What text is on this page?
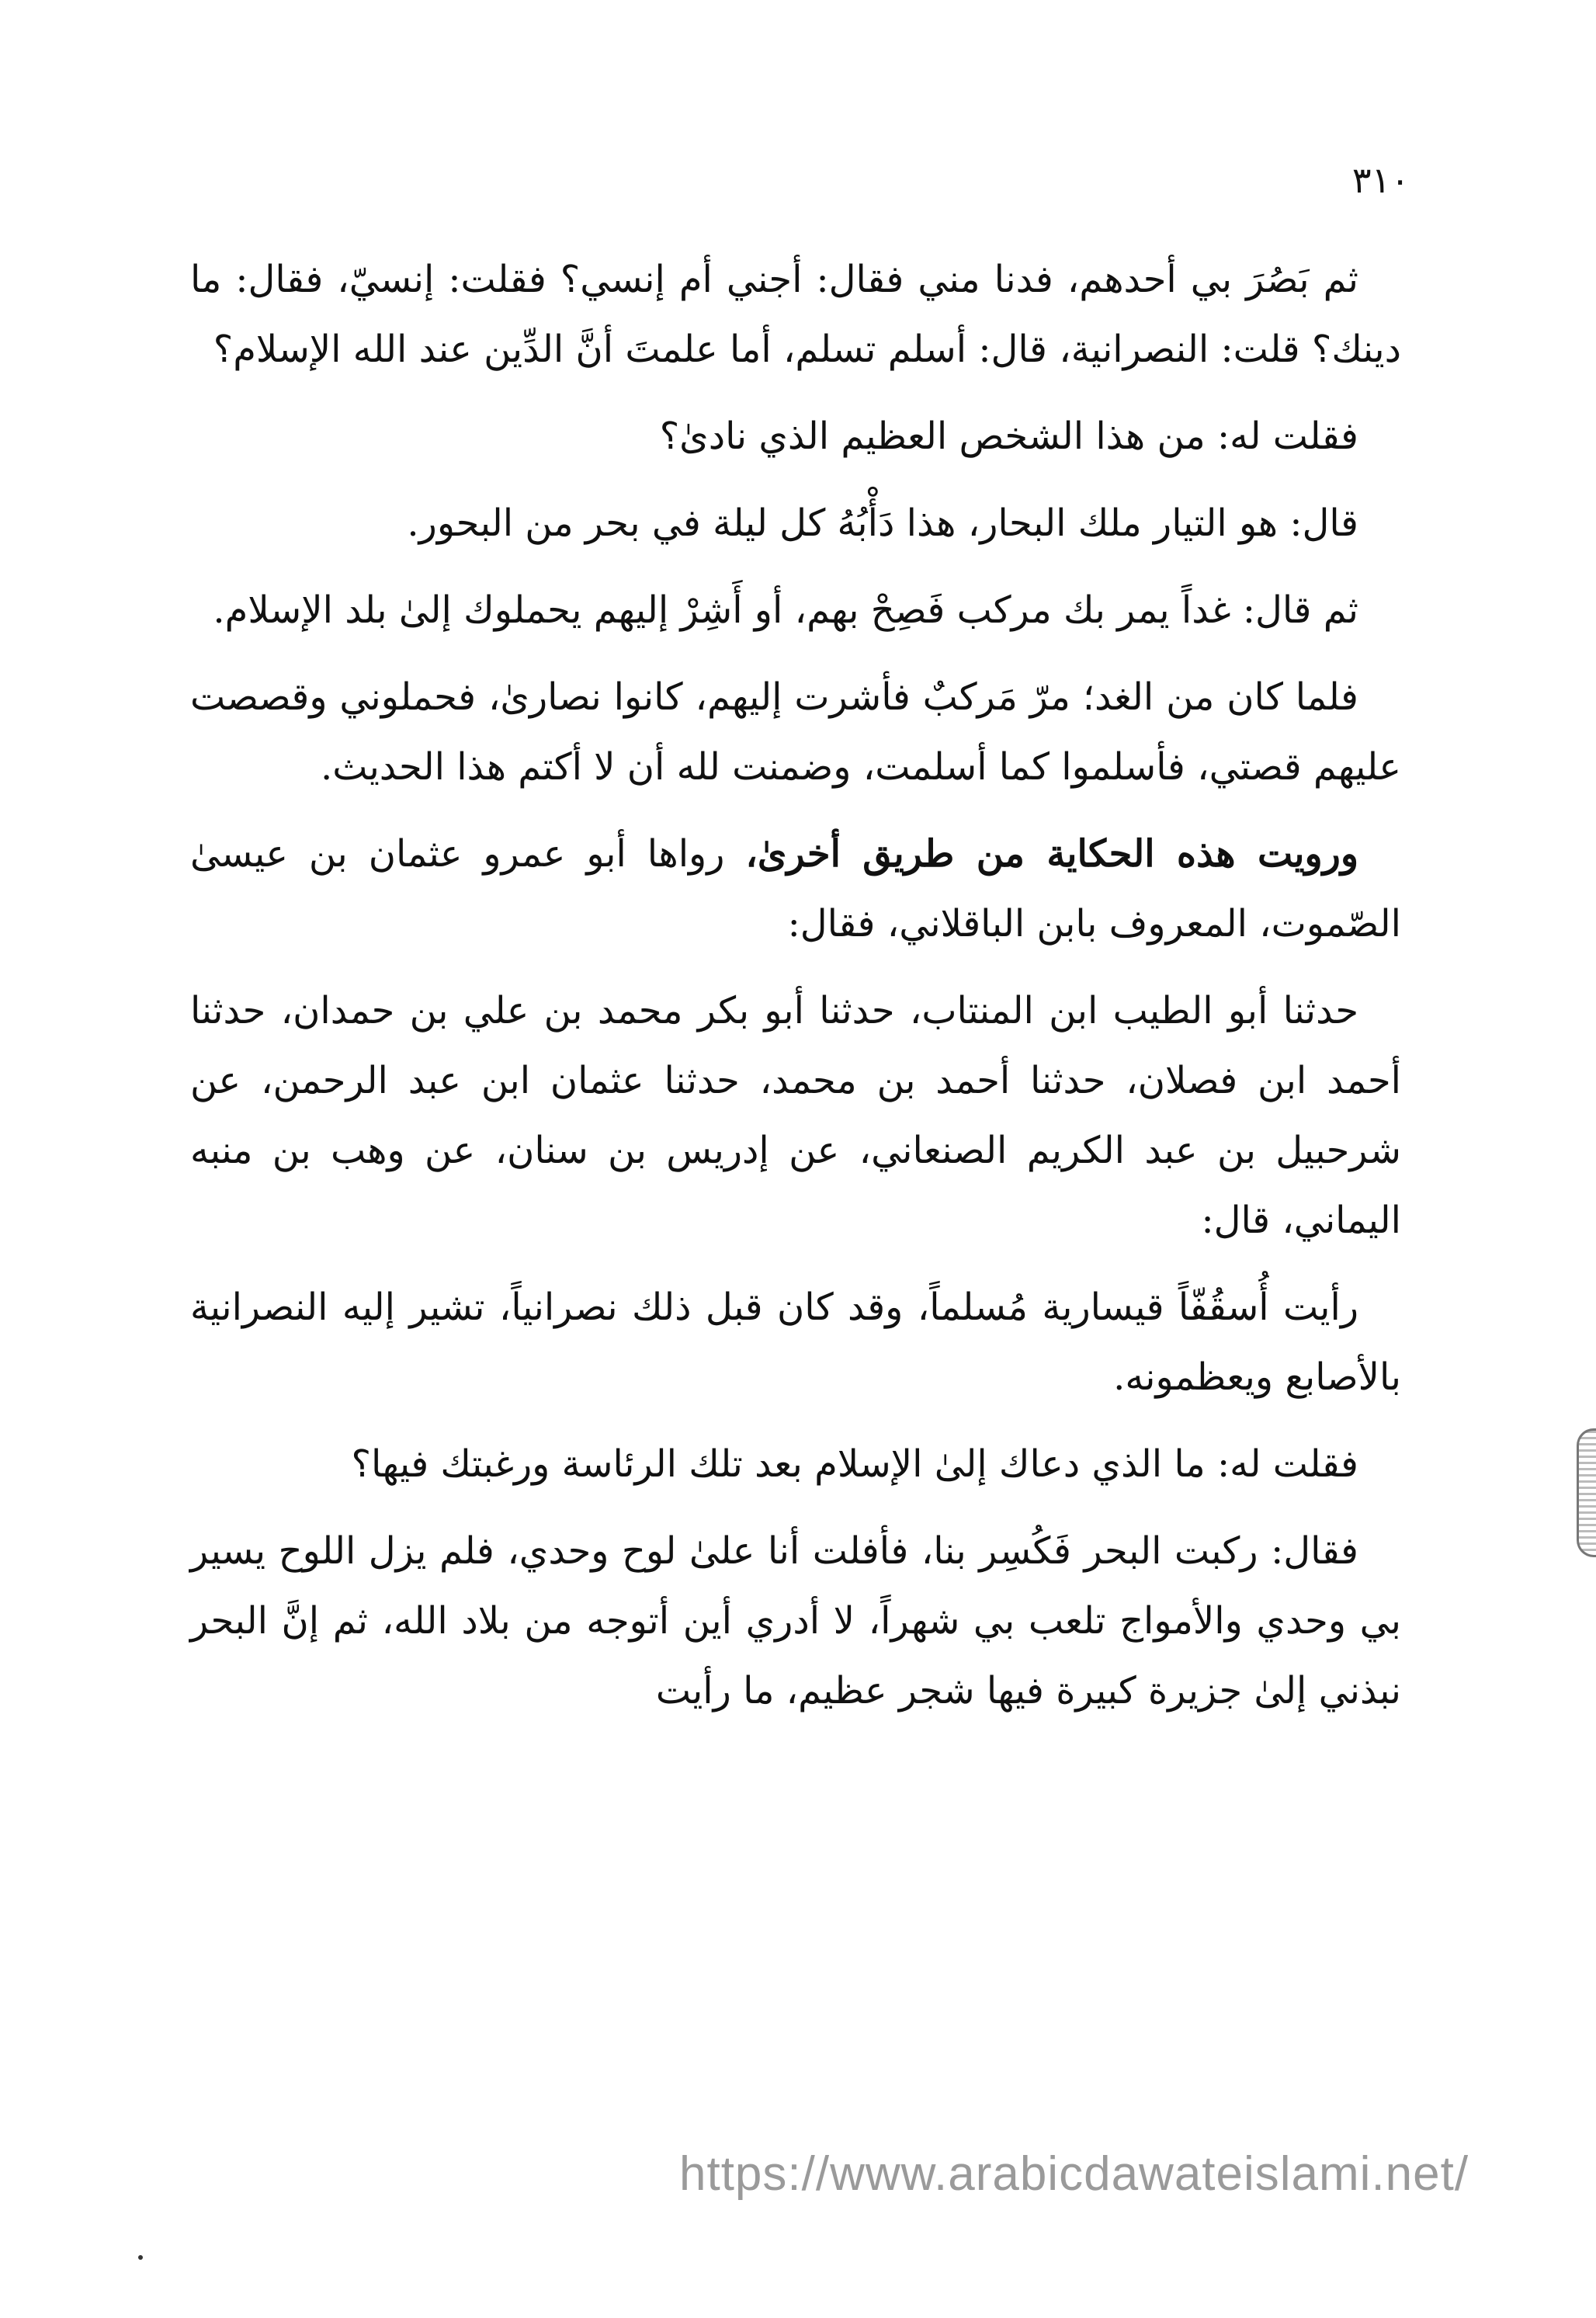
٣١٠

ثم بَصُرَ بي أحدهم، فدنا مني فقال: أجني أم إنسي؟ فقلت: إنسيّ، فقال: ما دينك؟ قلت: النصرانية، قال: أسلم تسلم، أما علمتَ أنَّ الدِّين عند الله الإسلام؟

فقلت له: من هذا الشخص العظيم الذي نادىٰ؟

قال: هو التيار ملك البحار، هذا دَأْبُهُ كل ليلة في بحر من البحور.

ثم قال: غداً يمر بك مركب فَصِحْ بهم، أو أَشِرْ إليهم يحملوك إلىٰ بلد الإسلام.

فلما كان من الغد؛ مرّ مَركبٌ فأشرت إليهم، كانوا نصارىٰ، فحملوني وقصصت عليهم قصتي، فأسلموا كما أسلمت، وضمنت لله أن لا أكتم هذا الحديث.

ورويت هذه الحكاية من طريق أخرىٰ، رواها أبو عمرو عثمان بن عيسىٰ الصّموت، المعروف بابن الباقلاني، فقال:

حدثنا أبو الطيب ابن المنتاب، حدثنا أبو بكر محمد بن علي بن حمدان، حدثنا أحمد ابن فصلان، حدثنا أحمد بن محمد، حدثنا عثمان ابن عبد الرحمن، عن شرحبيل بن عبد الكريم الصنعاني، عن إدريس بن سنان، عن وهب بن منبه اليماني، قال:

رأيت أُسقُفّاً قيسارية مُسلماً، وقد كان قبل ذلك نصرانياً، تشير إليه النصرانية بالأصابع ويعظمونه.

فقلت له: ما الذي دعاك إلىٰ الإسلام بعد تلك الرئاسة ورغبتك فيها؟

فقال: ركبت البحر فَكُسِر بنا، فأفلت أنا علىٰ لوح وحدي، فلم يزل اللوح يسير بي وحدي والأمواج تلعب بي شهراً، لا أدري أين أتوجه من بلاد الله، ثم إنَّ البحر نبذني إلىٰ جزيرة كبيرة فيها شجر عظيم، ما رأيت

https://www.arabicdawateislami.net/
